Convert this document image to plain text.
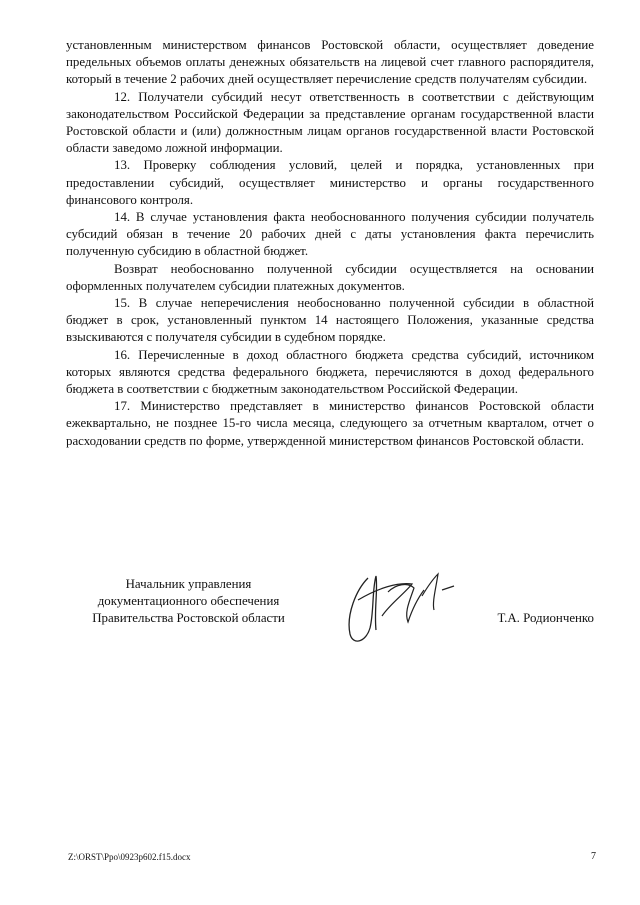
установленным министерством финансов Ростовской области, осуществляет доведение предельных объемов оплаты денежных обязательств на лицевой счет главного распорядителя, который в течение 2 рабочих дней осуществляет перечисление средств получателям субсидии.

12. Получатели субсидий несут ответственность в соответствии с действующим законодательством Российской Федерации за представление органам государственной власти Ростовской области и (или) должностным лицам органов государственной власти Ростовской области заведомо ложной информации.

13. Проверку соблюдения условий, целей и порядка, установленных при предоставлении субсидий, осуществляет министерство и органы государственного финансового контроля.

14. В случае установления факта необоснованного получения субсидии получатель субсидий обязан в течение 20 рабочих дней с даты установления факта перечислить полученную субсидию в областной бюджет.

Возврат необоснованно полученной субсидии осуществляется на основании оформленных получателем субсидии платежных документов.

15. В случае неперечисления необоснованно полученной субсидии в областной бюджет в срок, установленный пунктом 14 настоящего Положения, указанные средства взыскиваются с получателя субсидии в судебном порядке.

16. Перечисленные в доход областного бюджета средства субсидий, источником которых являются средства федерального бюджета, перечисляются в доход федерального бюджета в соответствии с бюджетным законодательством Российской Федерации.

17. Министерство представляет в министерство финансов Ростовской области ежеквартально, не позднее 15-го числа месяца, следующего за отчетным кварталом, отчет о расходовании средств по форме, утвержденной министерством финансов Ростовской области.

Начальник управления
документационного обеспечения
Правительства Ростовской области	Т.А. Родионченко
Z:\ORST\Ppo\0923p602.f15.docx	7
